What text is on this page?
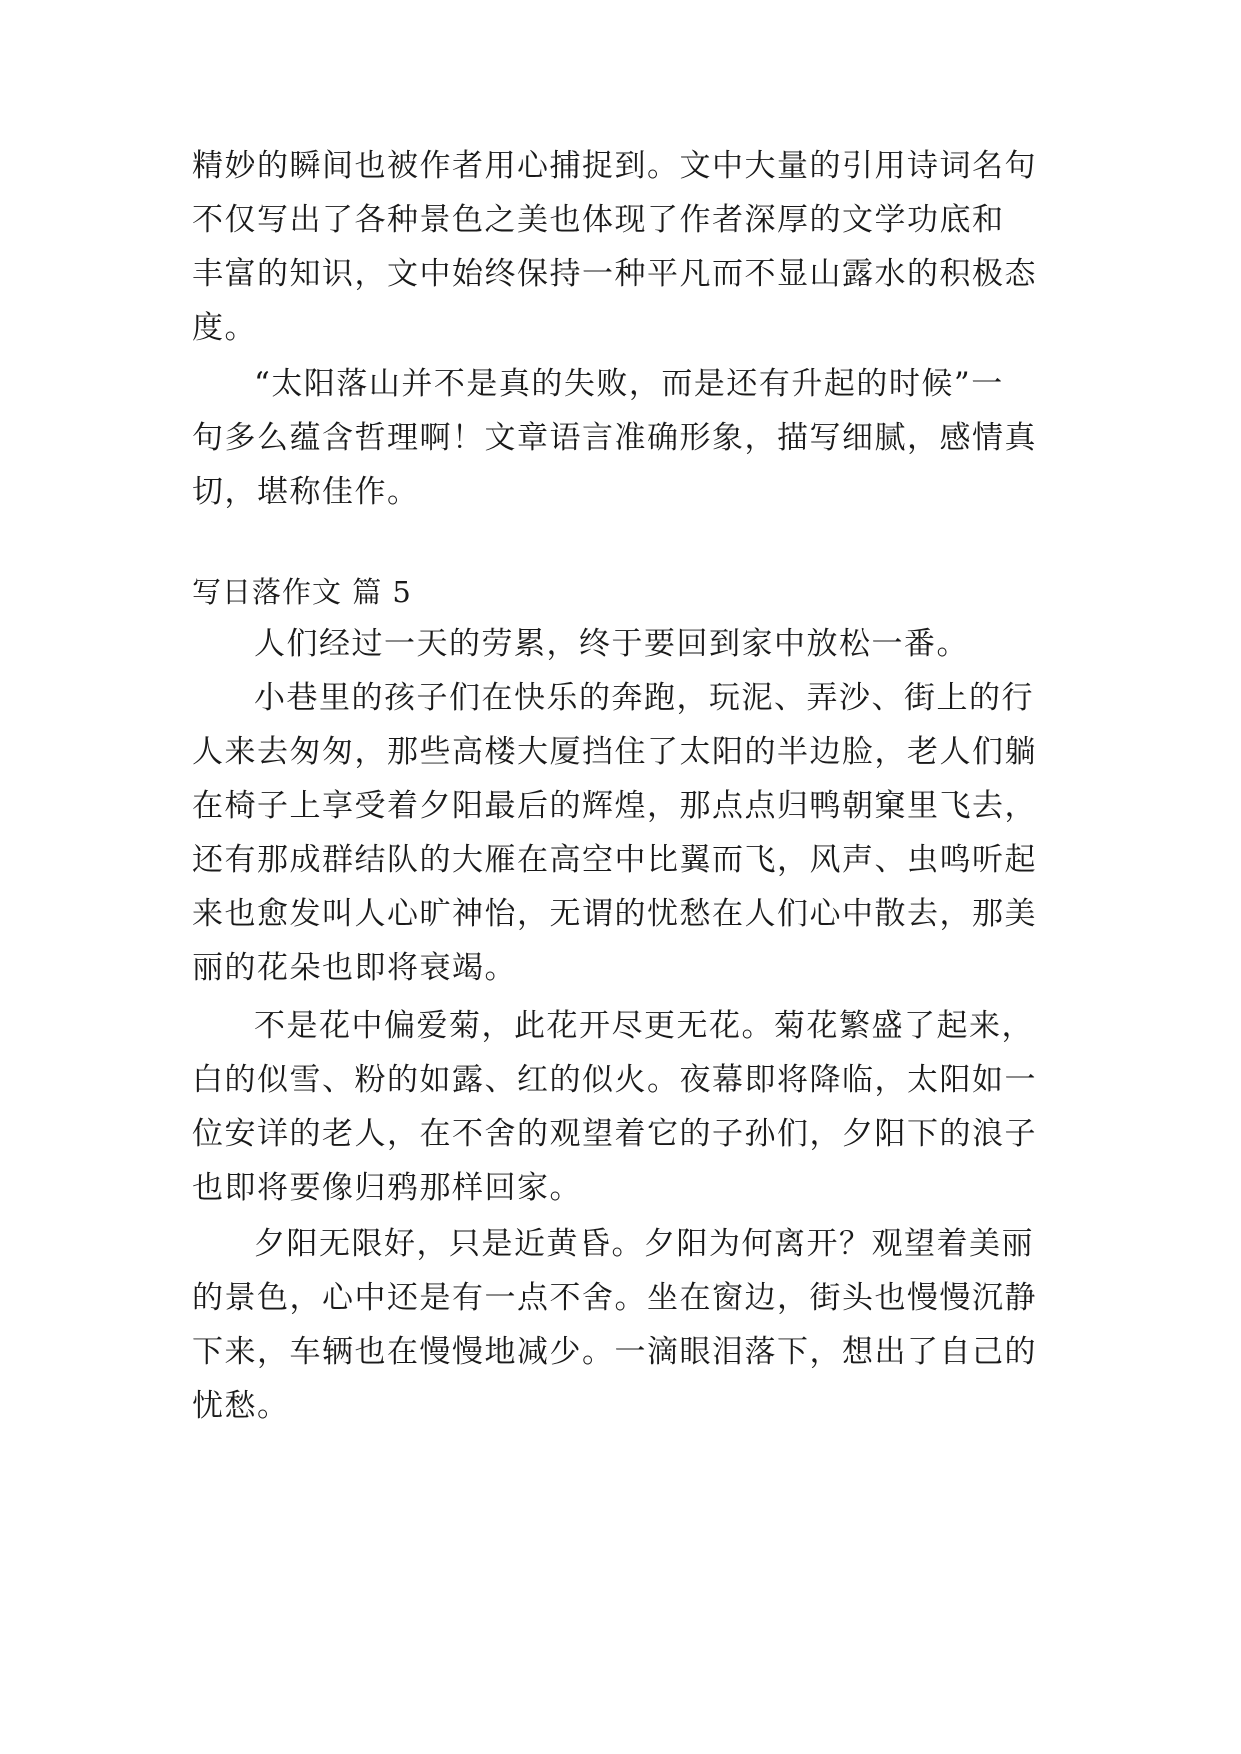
精妙的瞬间也被作者用心捕捉到。文中大量的引用诗词名句
不仅写出了各种景色之美也体现了作者深厚的文学功底和
丰富的知识，文中始终保持一种平凡而不显山露水的积极态
度。
“太阳落山并不是真的失败，而是还有升起的时候”一
句多么蕴含哲理啊！文章语言准确形象，描写细腻，感情真
切，堪称佳作。
写日落作文 篇 5
人们经过一天的劳累，终于要回到家中放松一番。
小巷里的孩子们在快乐的奔跑，玩泥、弄沙、街上的行
人来去匆匆，那些高楼大厦挡住了太阳的半边脸，老人们躺
在椅子上享受着夕阳最后的辉煌，那点点归鸭朝窠里飞去，
还有那成群结队的大雁在高空中比翼而飞，风声、虫鸣听起
来也愈发叫人心旷神怡，无谓的忧愁在人们心中散去，那美
丽的花朵也即将衰竭。
不是花中偏爱菊，此花开尽更无花。菊花繁盛了起来，
白的似雪、粉的如露、红的似火。夜幕即将降临，太阳如一
位安详的老人，在不舍的观望着它的子孙们，夕阳下的浪子
也即将要像归鸦那样回家。
夕阳无限好，只是近黄昏。夕阳为何离开？观望着美丽
的景色，心中还是有一点不舍。坐在窗边，街头也慢慢沉静
下来，车辆也在慢慢地减少。一滴眼泪落下，想出了自己的
忧愁。
